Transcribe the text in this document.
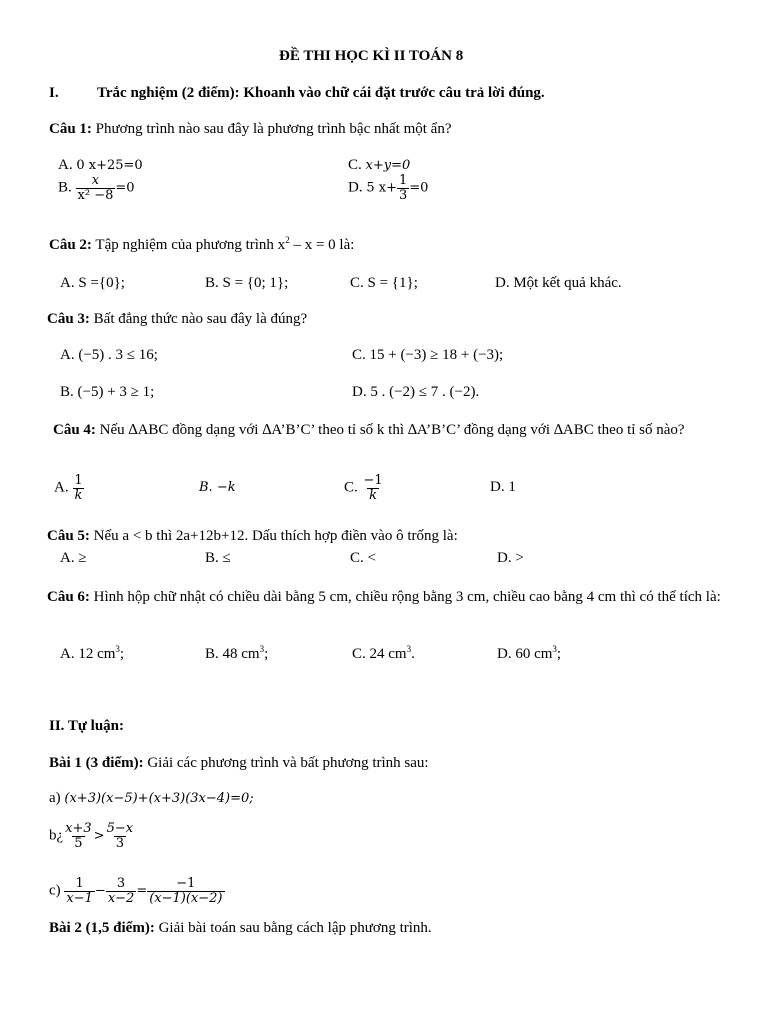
ĐỀ THI HỌC KÌ II TOÁN 8
I.	Trắc nghiệm (2 điểm): Khoanh vào chữ cái đặt trước câu trả lời đúng.
Câu 1: Phương trình nào sau đây là phương trình bậc nhất một ẩn?
A. 0 x+25=0	C. x+y=0
B. $\frac{x}{\text{x² −8}} =0$	D. 5 $x+ \frac{1}{3} =0$
Câu 2: Tập nghiệm của phương trình $x^2 - x = 0$ là:
A. S ={0};	B. S = {0; 1};	C. S = {1};	D. Một kết quả khác.
Câu 3: Bất đẳng thức nào sau đây là đúng?
A. (−5) . 3 ≤ 16;	C. 15 + (−3) ≥ 18 + (−3);
B. (−5) + 3 ≥ 1;	D. 5 . (−2) ≤ 7 . (−2).
Câu 4: Nếu ∆ABC đồng dạng với ∆A’B’C’ theo tỉ số k thì ∆A’B’C’ đồng dạng với ∆ABC theo tỉ số nào?
A. $\frac{1}{k}$	B. −k	C. $\frac{-1}{k}$	D. 1
Câu 5: Nếu a < b thì 2a+12b+12. Dấu thích hợp điền vào ô trống là:
A. ≥	B. ≤	C. <	D. >
Câu 6: Hình hộp chữ nhật có chiều dài bằng 5 cm, chiều rộng bằng 3 cm, chiều cao bằng 4 cm thì có thể tích là:
A. 12 $cm^3$;	B. 48 $cm^3$;	C. 24 $cm^3$.	D. 60 $cm^3$;
II. Tự luận:
Bài 1 (3 điểm): Giải các phương trình và bất phương trình sau:
a) (x+3)(x−5)+(x+3)(3x−4)=0;
b¿ $\frac{x+3}{5} > \frac{5-x}{3}$
$c) \frac{1}{x-1} - \frac{3}{x-2} = \frac{-1}{(x-1)(x-2)}$
Bài 2 (1,5 điểm): Giải bài toán sau bằng cách lập phương trình.
